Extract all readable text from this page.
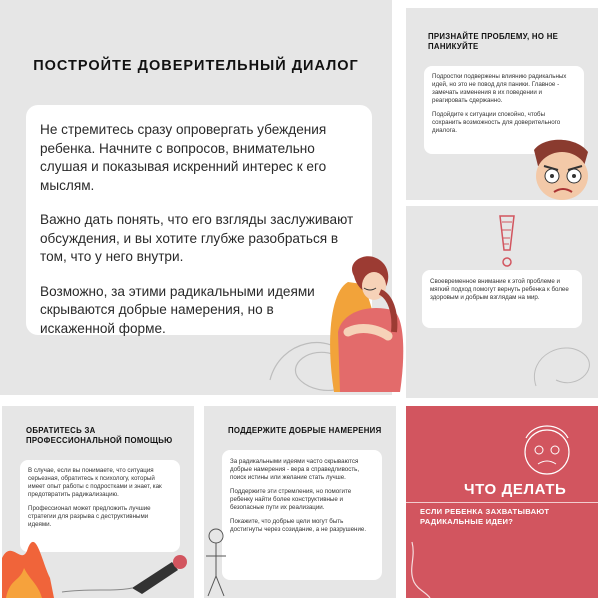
ПОСТРОЙТЕ ДОВЕРИТЕЛЬНЫЙ ДИАЛОГ

Не стремитесь сразу опровергать убеждения ребенка. Начните с вопросов, внимательно слушая и показывая искренний интерес к его мыслям.

Важно дать понять, что его взгляды заслуживают обсуждения, и вы хотите глубже разобраться в том, что у него внутри.

Возможно, за этими радикальными идеями скрываются добрые намерения, но в искаженной форме.

ПРИЗНАЙТЕ ПРОБЛЕМУ, НО НЕ ПАНИКУЙТЕ

Подростки подвержены влиянию радикальных идей, но это не повод для паники. Главное - замечать изменения в их поведении и реагировать сдержанно.

Подойдите к ситуации спокойно, чтобы сохранить возможность для доверительного диалога.

Своевременное внимание к этой проблеме и мягкий подход помогут вернуть ребенка к более здоровым и добрым взглядам на мир.

ОБРАТИТЕСЬ ЗА ПРОФЕССИОНАЛЬНОЙ ПОМОЩЬЮ

В случае, если вы понимаете, что ситуация серьезная, обратитесь к психологу, который имеет опыт работы с подростками и знает, как предотвратить радикализацию.

Профессионал может предложить лучшие стратегии для разрыва с деструктивными идеями.

ПОДДЕРЖИТЕ ДОБРЫЕ НАМЕРЕНИЯ

За радикальными идеями часто скрываются добрые намерения - вера в справедливость, поиск истины или желание стать лучше.

Поддержите эти стремления, но помогите ребенку найти более конструктивные и безопасные пути их реализации.

Покажите, что добрые цели могут быть достигнуты через созидание, а не разрушение.

ЧТО ДЕЛАТЬ
ЕСЛИ РЕБЕНКА ЗАХВАТЫВАЮТ РАДИКАЛЬНЫЕ ИДЕИ?
